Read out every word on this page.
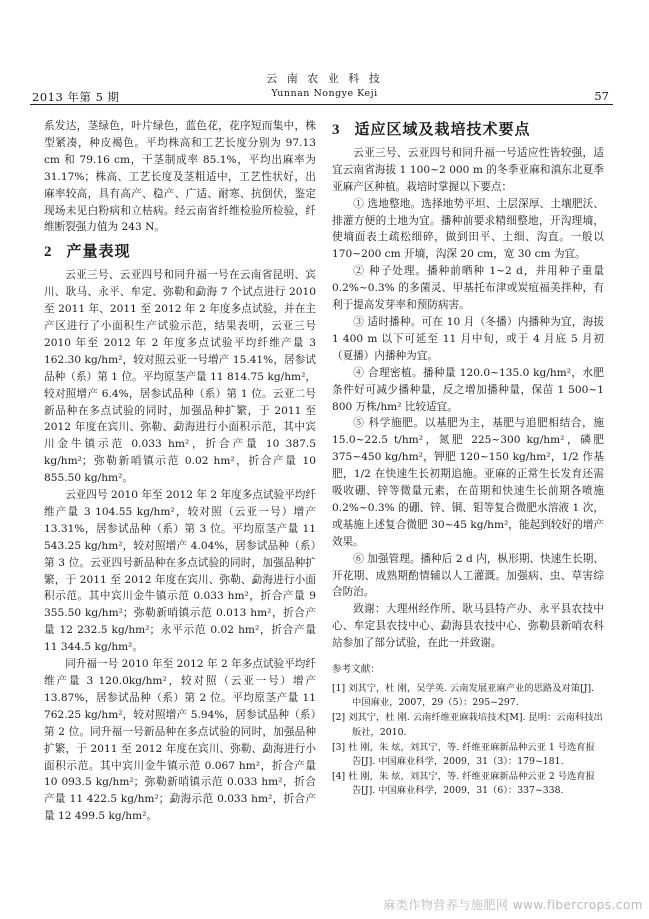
2013 年第 5 期
云 南 农 业 科 技
Yunnan Nongye Keji	57

系发达，茎绿色，叶片绿色，蓝色花，花序短而集中，株型紧凑，种皮褐色。平均株高和工艺长度分别为 97.13 cm 和 79.16 cm，干茎制成率 85.1%，平均出麻率为 31.17%；株高、工艺长度及茎粗适中，工艺性状好，出麻率较高，具有高产、稳产、广适、耐寒、抗倒伏，鉴定现场未见白粉病和立枯病。经云南省纤维检验所检验，纤维断裂强力值为 243 N。

2 产量表现

云亚三号、云亚四号和同升福一号在云南省昆明、宾川、耿马、永平、牟定、弥勒和勐海 7 个试点进行 2010 至 2011 年、2011 至 2012 年 2 年度多点试验，并在主产区进行了小面积生产试验示范，结果表明，云亚三号 2010 年至 2012 年 2 年度多点试验平均纤维产量 3 162.30 kg/hm²，较对照云亚一号增产 15.41%，居参试品种（系）第 1 位。平均原茎产量 11 814.75 kg/hm²，较对照增产 6.4%，居参试品种（系）第 1 位。云亚二号新品种在多点试验的同时，加强品种扩繁，于 2011 至 2012 年度在宾川、弥勒、勐海进行小面积示范，其中宾川金牛镇示范 0.033 hm²，折合产量 10 387.5 kg/hm²；弥勒新哨镇示范 0.02 hm²，折合产量 10 855.50 kg/hm²。

云亚四号 2010 年至 2012 年 2 年度多点试验平均纤维产量 3 104.55 kg/hm²，较对照（云亚一号）增产 13.31%，居参试品种（系）第 3 位。平均原茎产量 11 543.25 kg/hm²，较对照增产 4.04%，居参试品种（系）第 3 位。云亚四号新品种在多点试验的同时，加强品种扩繁，于 2011 至 2012 年度在宾川、弥勒、勐海进行小面积示范。其中宾川金牛镇示范 0.033 hm²，折合产量 9 355.50 kg/hm²；弥勒新哨镇示范 0.013 hm²，折合产量 12 232.5 kg/hm²；永平示范 0.02 hm²，折合产量 11 344.5 kg/hm²。

同升福一号 2010 年至 2012 年 2 年多点试验平均纤维产量 3 120.0kg/hm²，较对照（云亚一号）增产 13.87%，居参试品种（系）第 2 位。平均原茎产量 11 762.25 kg/hm²，较对照增产 5.94%，居参试品种（系）第 2 位。同升福一号新品种在多点试验的同时，加强品种扩繁，于 2011 至 2012 年度在宾川、弥勒、勐海进行小面积示范。其中宾川金牛镇示范 0.067 hm²，折合产量 10 093.5 kg/hm²；弥勒新哨镇示范 0.033 hm²，折合产量 11 422.5 kg/hm²；勐海示范 0.033 hm²，折合产量 12 499.5 kg/hm²。

3 适应区域及栽培技术要点

云亚三号、云亚四号和同升福一号适应性皆较强，适宜云南省海拔 1 100~2 000 m 的冬季亚麻和滇东北夏季亚麻产区种植。栽培时掌握以下要点：

① 选地整地。选择地势平坦、土层深厚、土壤肥沃、排灌方便的土地为宜。播种前要求精细整地，开沟理墒，使墒面表土疏松细碎，做到田平、土细、沟直。一般以 170~200 cm 开墒，沟深 20 cm，宽 30 cm 为宜。

② 种子处理。播种前晒种 1~2 d，并用种子重量 0.2%~0.3% 的多菌灵、甲基托布津或炭疽福美拌种，有利于提高发芽率和预防病害。

③ 适时播种。可在 10 月（冬播）内播种为宜，海拔 1 400 m 以下可延至 11 月中旬，或于 4 月底 5 月初（夏播）内播种为宜。

④ 合理密植。播种量 120.0~135.0 kg/hm²，水肥条件好可减少播种量，反之增加播种量，保苗 1 500~1 800 万株/hm² 比较适宜。

⑤ 科学施肥。以基肥为主，基肥与追肥相结合，施 15.0~22.5 t/hm²，氮肥 225~300 kg/hm²，磷肥 375~450 kg/hm²，钾肥 120~150 kg/hm²，1/2 作基肥，1/2 在快速生长初期追施。亚麻的正常生长发育还需吸收硼、锌等微量元素，在苗期和快速生长前期各喷施 0.2%~0.3% 的硼、锌、铜、钼等复合微肥水溶液 1 次，或基施上述复合微肥 30~45 kg/hm²，能起到较好的增产效果。

⑥ 加强管理。播种后 2 d 内，枞形期、快速生长期、开花期、成熟期酌情辅以人工灌溉。加强病、虫、草害综合防治。

致谢：大理州经作所、耿马县特产办、永平县农技中心、牟定县农技中心、勐海县农技中心、弥勒县新哨农科站参加了部分试验，在此一并致谢。

参考文献：
[1] 刘其宁，杜 刚，吴学英. 云南发展亚麻产业的思路及对策[J]. 中国麻业，2007，29（5）：295~297.
[2] 刘其宁，杜 刚. 云南纤维亚麻栽培技术[M]. 昆明：云南科技出版社，2010.
[3] 杜 刚，朱 炫，刘其宁，等. 纤维亚麻新品种云亚 1 号选育报告[J]. 中国麻业科学，2009，31（3）：179~181.
[4] 杜 刚，朱 炫，刘其宁，等. 纤维亚麻新品种云亚 2 号选育报告[J]. 中国麻业科学，2009，31（6）：337~338.
麻类作物营养与施肥网 www.fibercrops.com
